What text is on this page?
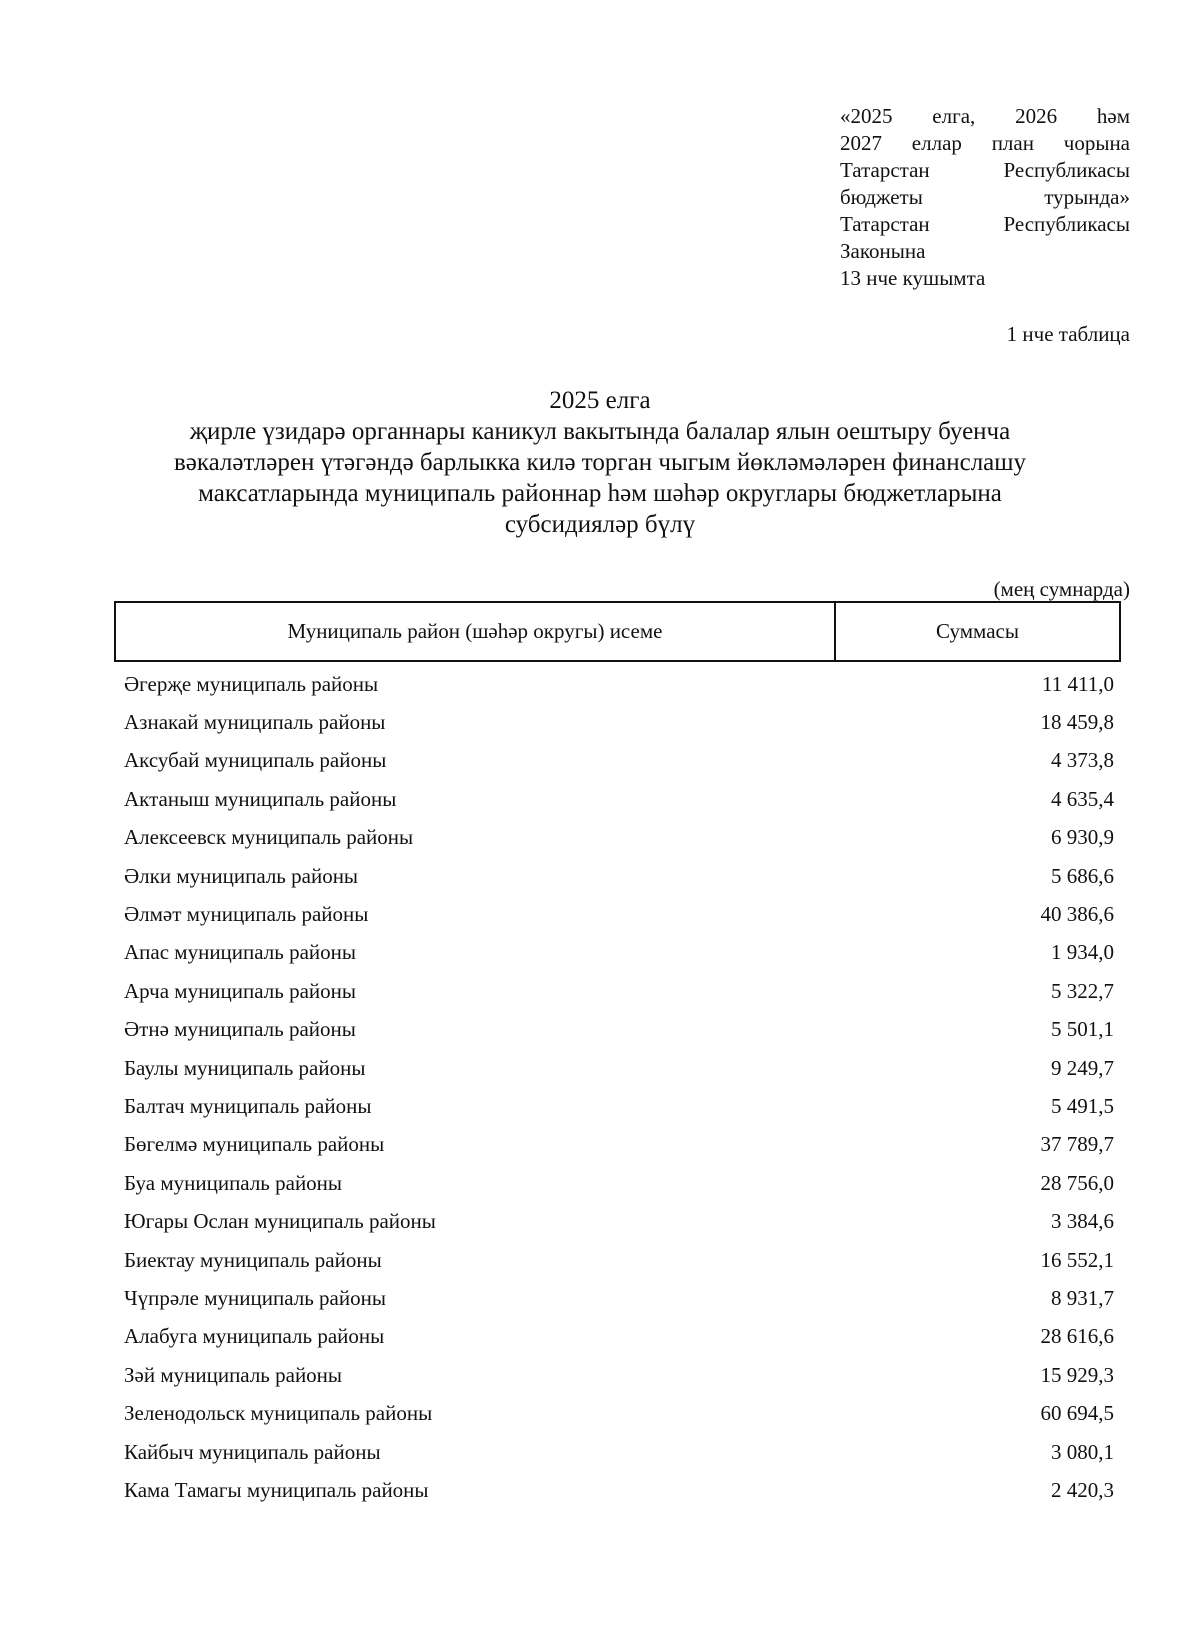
«2025 елга, 2026 һәм
2027 еллар план чорына
Татарстан Республикасы
бюджеты турында»
Татарстан Республикасы
Законына
13 нче кушымта
1 нче таблица
2025 елга
җирле үзидарә органнары каникул вакытында балалар ялын оештыру буенча
вәкаләтләрен үтәгәндә барлыкка килә торган чыгым йөкләмәләрен финанслашу
максатларында муниципаль районнар һәм шәһәр округлары бюджетларына
субсидияләр бүлү
(мең сумнарда)
Муниципаль район (шәһәр округы) исеме	Суммасы
Әгерҗе муниципаль районы	11 411,0
Азнакай муниципаль районы	18 459,8
Аксубай муниципаль районы	4 373,8
Актаныш муниципаль районы	4 635,4
Алексеевск муниципаль районы	6 930,9
Әлки муниципаль районы	5 686,6
Әлмәт муниципаль районы	40 386,6
Апас муниципаль районы	1 934,0
Арча муниципаль районы	5 322,7
Әтнә муниципаль районы	5 501,1
Баулы муниципаль районы	9 249,7
Балтач муниципаль районы	5 491,5
Бөгелмә муниципаль районы	37 789,7
Буа муниципаль районы	28 756,0
Югары Ослан муниципаль районы	3 384,6
Биектау муниципаль районы	16 552,1
Чүпрәле муниципаль районы	8 931,7
Алабуга муниципаль районы	28 616,6
Зәй муниципаль районы	15 929,3
Зеленодольск муниципаль районы	60 694,5
Кайбыч муниципаль районы	3 080,1
Кама Тамагы муниципаль районы	2 420,3
